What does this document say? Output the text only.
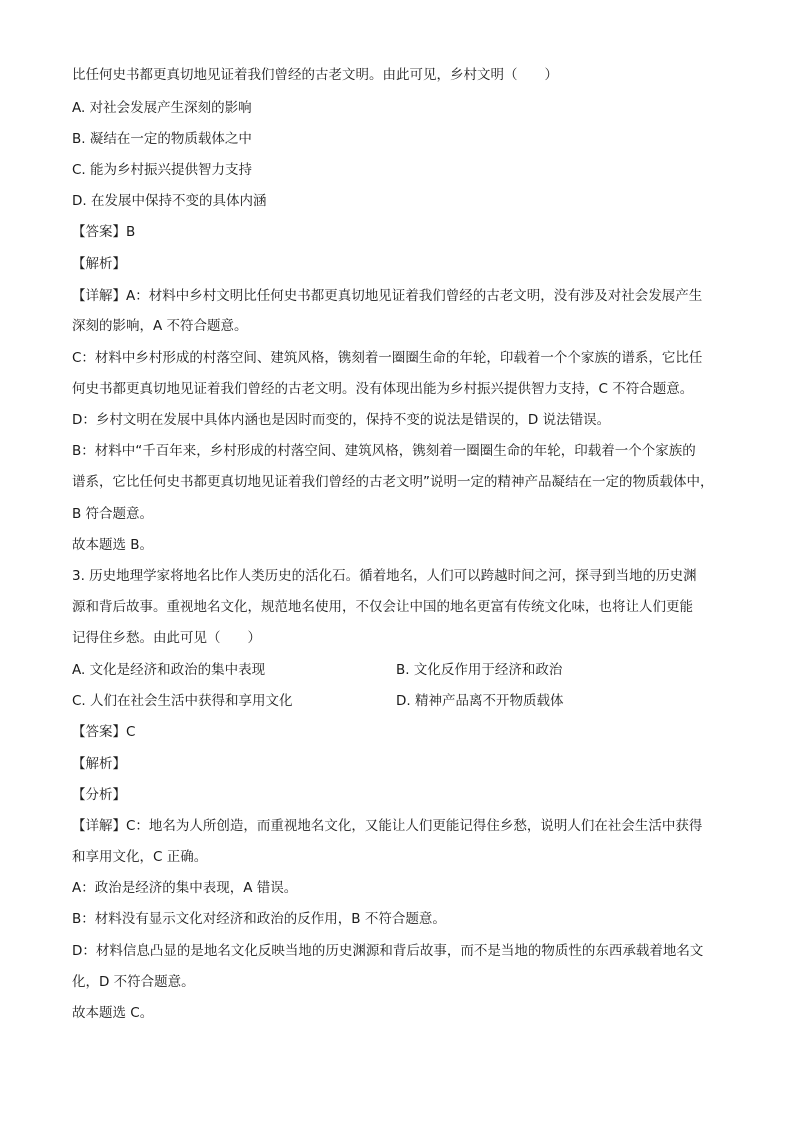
比任何史书都更真切地见证着我们曾经的古老文明。由此可见，乡村文明（　　）
A. 对社会发展产生深刻的影响
B. 凝结在一定的物质载体之中
C. 能为乡村振兴提供智力支持
D. 在发展中保持不变的具体内涵
【答案】B
【解析】
【详解】A：材料中乡村文明比任何史书都更真切地见证着我们曾经的古老文明，没有涉及对社会发展产生
深刻的影响，A 不符合题意。
C：材料中乡村形成的村落空间、建筑风格，镌刻着一圈圈生命的年轮，印载着一个个家族的谱系，它比任
何史书都更真切地见证着我们曾经的古老文明。没有体现出能为乡村振兴提供智力支持，C 不符合题意。
D：乡村文明在发展中具体内涵也是因时而变的，保持不变的说法是错误的，D 说法错误。
B：材料中“千百年来，乡村形成的村落空间、建筑风格，镌刻着一圈圈生命的年轮，印载着一个个家族的
谱系，它比任何史书都更真切地见证着我们曾经的古老文明”说明一定的精神产品凝结在一定的物质载体中，
B 符合题意。
故本题选 B。
3. 历史地理学家将地名比作人类历史的活化石。循着地名，人们可以跨越时间之河，探寻到当地的历史渊
源和背后故事。重视地名文化，规范地名使用，不仅会让中国的地名更富有传统文化味，也将让人们更能
记得住乡愁。由此可见（　　）
A. 文化是经济和政治的集中表现	B. 文化反作用于经济和政治
C. 人们在社会生活中获得和享用文化	D. 精神产品离不开物质载体
【答案】C
【解析】
【分析】
【详解】C：地名为人所创造，而重视地名文化，又能让人们更能记得住乡愁，说明人们在社会生活中获得
和享用文化，C 正确。
A：政治是经济的集中表现，A 错误。
B：材料没有显示文化对经济和政治的反作用，B 不符合题意。
D：材料信息凸显的是地名文化反映当地的历史渊源和背后故事，而不是当地的物质性的东西承载着地名文
化，D 不符合题意。
故本题选 C。
